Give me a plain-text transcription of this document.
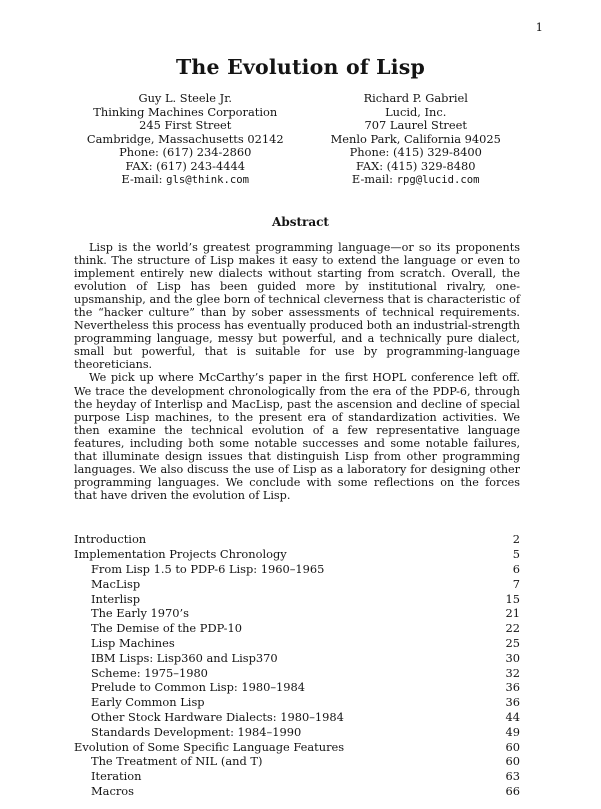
1
The Evolution of Lisp
Guy L. Steele Jr.
Thinking Machines Corporation
245 First Street
Cambridge, Massachusetts 02142
Phone: (617) 234-2860
FAX: (617) 243-4444
E-mail: gls@think.com
Richard P. Gabriel
Lucid, Inc.
707 Laurel Street
Menlo Park, California 94025
Phone: (415) 329-8400
FAX: (415) 329-8480
E-mail: rpg@lucid.com
Abstract

Lisp is the world’s greatest programming language—or so its proponents think. The structure of Lisp makes it easy to extend the language or even to implement entirely new dialects without starting from scratch. Overall, the evolution of Lisp has been guided more by institutional rivalry, one-upsmanship, and the glee born of technical cleverness that is characteristic of the “hacker culture” than by sober assessments of technical requirements. Nevertheless this process has eventually produced both an industrial-strength programming language, messy but powerful, and a technically pure dialect, small but powerful, that is suitable for use by programming-language theoreticians.

We pick up where McCarthy’s paper in the first HOPL conference left off. We trace the development chronologically from the era of the PDP-6, through the heyday of Interlisp and MacLisp, past the ascension and decline of special purpose Lisp machines, to the present era of standardization activities. We then examine the technical evolution of a few representative language features, including both some notable successes and some notable failures, that illuminate design issues that distinguish Lisp from other programming languages. We also discuss the use of Lisp as a laboratory for designing other programming languages. We conclude with some reflections on the forces that have driven the evolution of Lisp.

Introduction	2
Implementation Projects Chronology	5
From Lisp 1.5 to PDP-6 Lisp: 1960–1965	6
MacLisp	7
Interlisp	15
The Early 1970’s	21
The Demise of the PDP-10	22
Lisp Machines	25
IBM Lisps: Lisp360 and Lisp370	30
Scheme: 1975–1980	32
Prelude to Common Lisp: 1980–1984	36
Early Common Lisp	36
Other Stock Hardware Dialects: 1980–1984	44
Standards Development: 1984–1990	49
Evolution of Some Specific Language Features	60
The Treatment of NIL (and T)	60
Iteration	63
Macros	66
